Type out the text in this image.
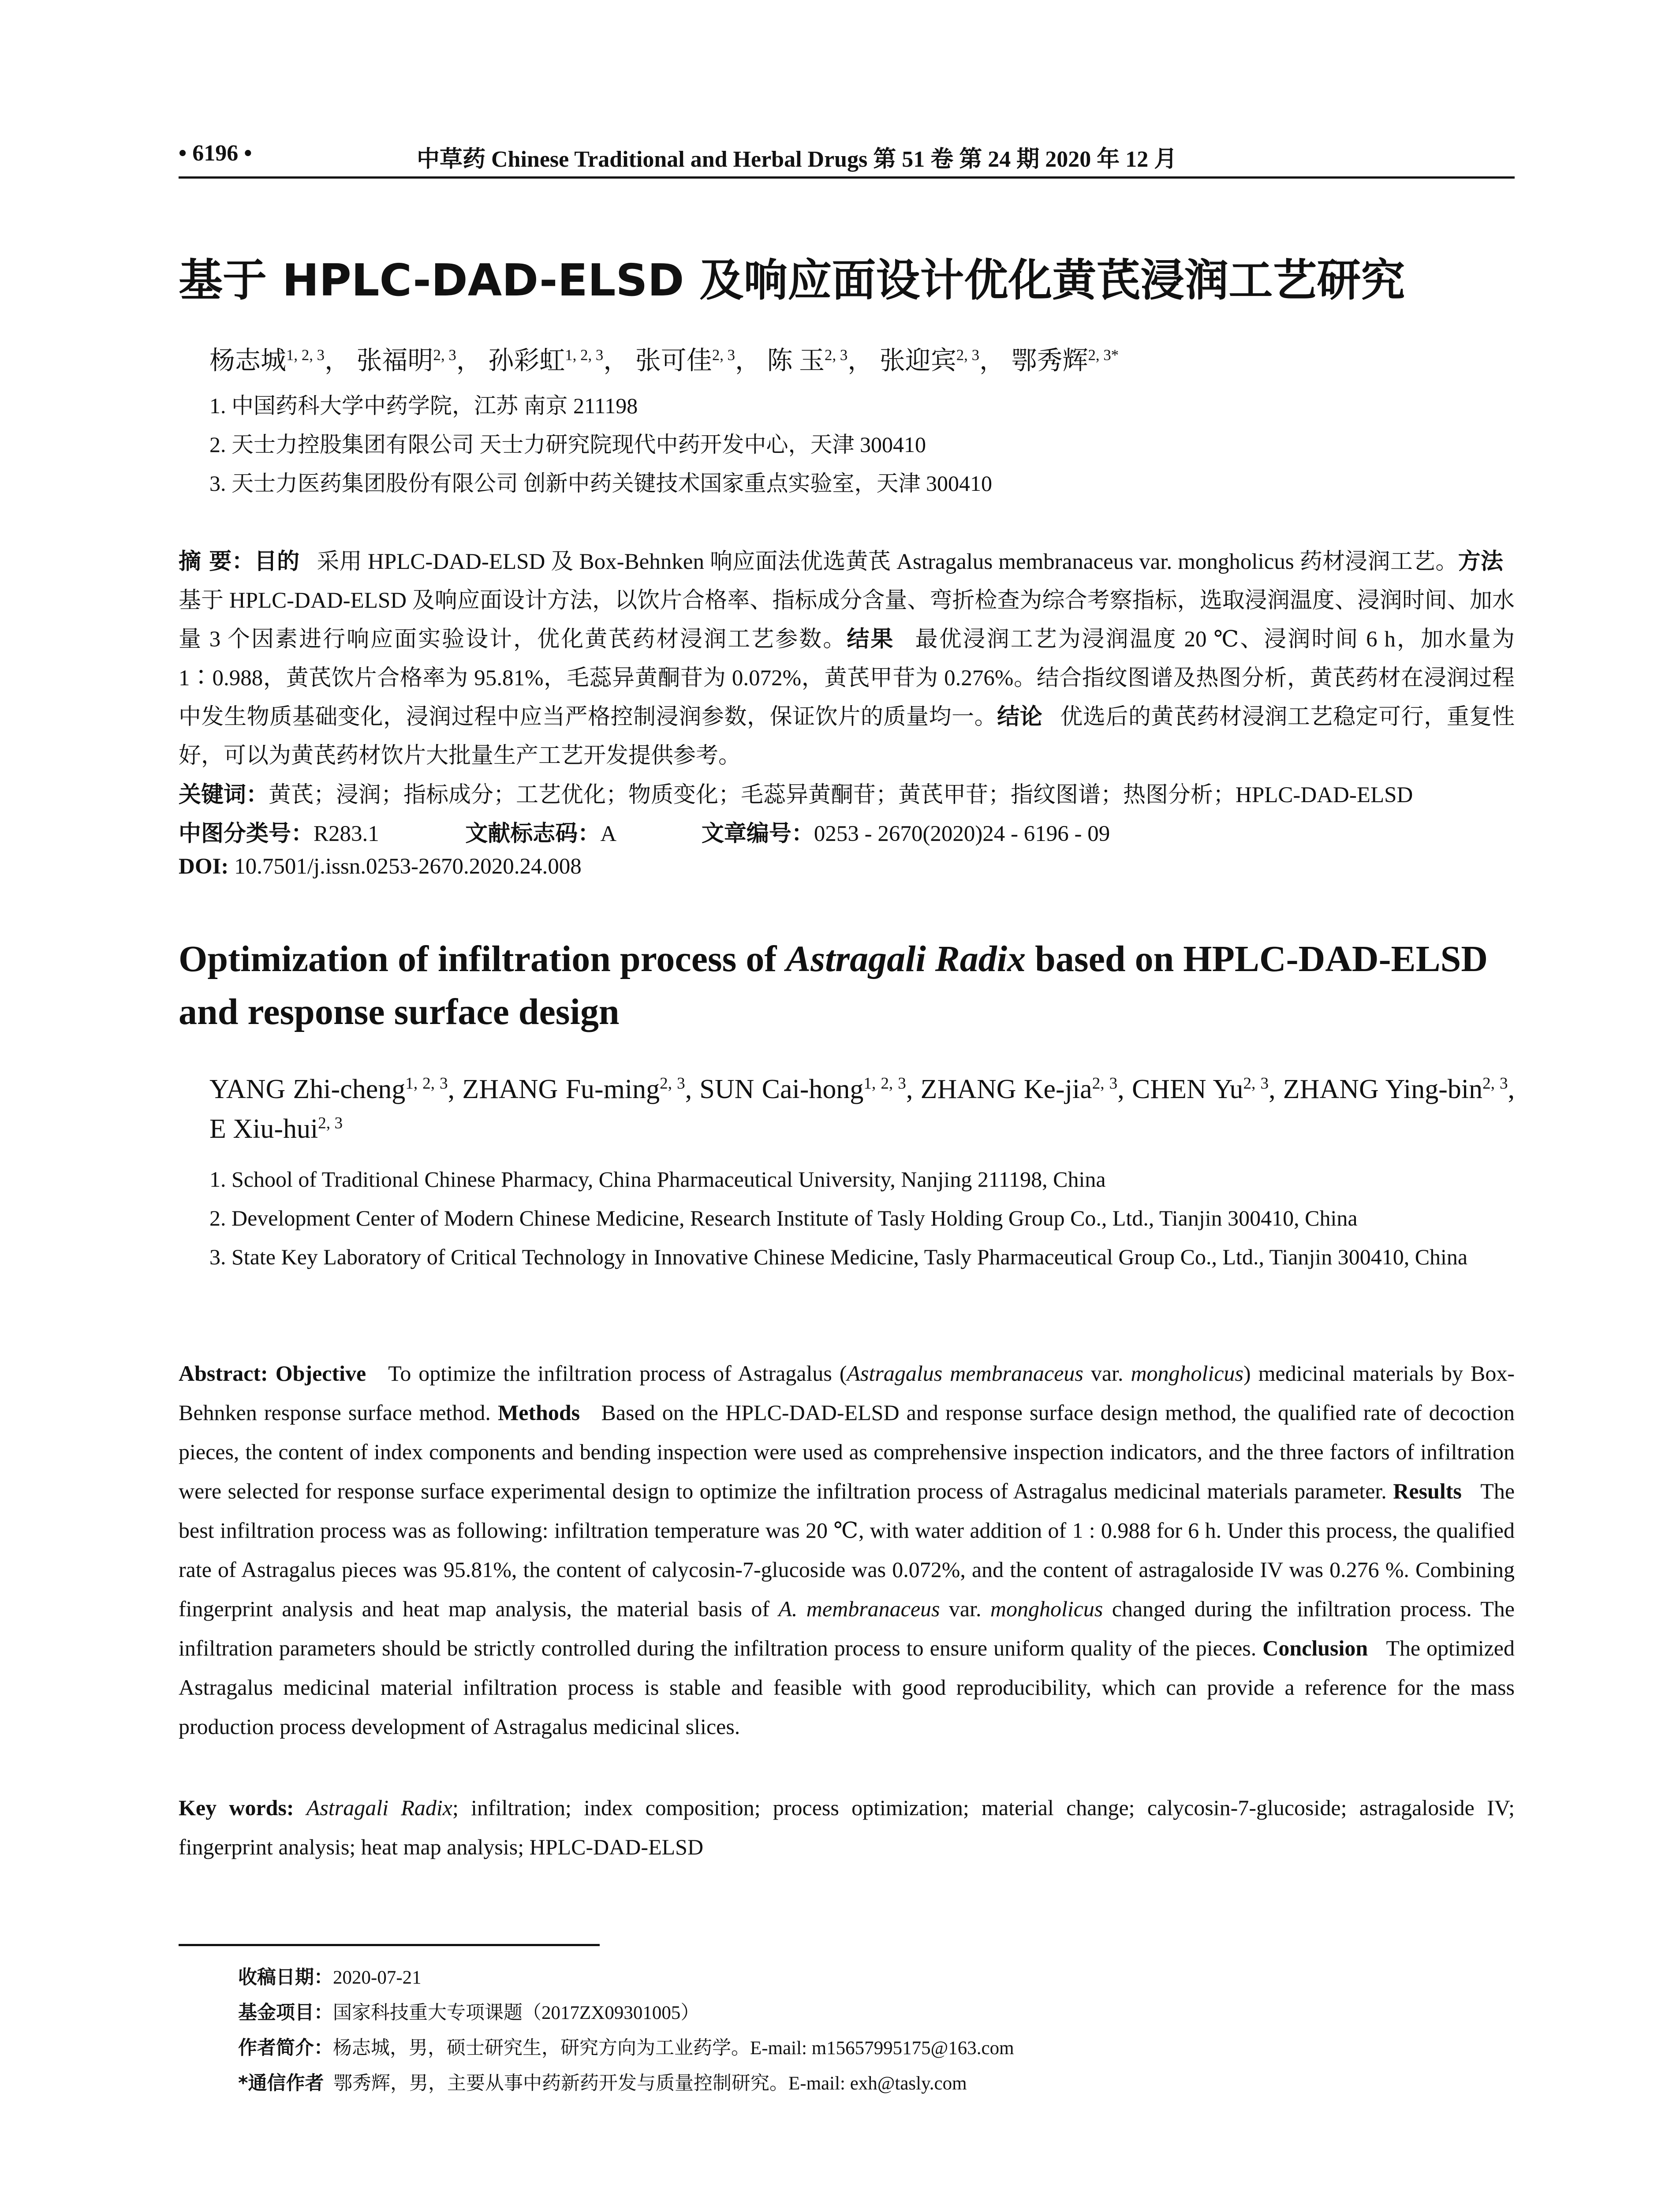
• 6196 •	中草药 Chinese Traditional and Herbal Drugs 第 51 卷 第 24 期 2020 年 12 月
基于 HPLC-DAD-ELSD 及响应面设计优化黄芪浸润工艺研究
杨志城$^{1, 2, 3}$， 张福明$^{2, 3}$， 孙彩虹$^{1, 2, 3}$， 张可佳$^{2, 3}$， 陈 玉$^{2, 3}$， 张迎宾$^{2, 3}$， 鄂秀辉$^{2, 3*}$
1. 中国药科大学中药学院，江苏 南京 211198
2. 天士力控股集团有限公司 天士力研究院现代中药开发中心，天津 300410
3. 天士力医药集团股份有限公司 创新中药关键技术国家重点实验室，天津 300410
摘 要：目的 采用 HPLC-DAD-ELSD 及 Box-Behnken 响应面法优选黄芪 Astragalus membranaceus var. mongholicus 药材浸润工艺。方法   基于 HPLC-DAD-ELSD 及响应面设计方法，以饮片合格率、指标成分含量、弯折检查为综合考察指标，选取浸润温度、浸润时间、加水量 3 个因素进行响应面实验设计，优化黄芪药材浸润工艺参数。结果 最优浸润工艺为浸润温度 20 ℃、浸润时间 6 h，加水量为 1∶0.988，黄芪饮片合格率为 95.81%，毛蕊异黄酮苷为 0.072%，黄芪甲苷为 0.276%。结合指纹图谱及热图分析，黄芪药材在浸润过程中发生物质基础变化，浸润过程中应当严格控制浸润参数，保证饮片的质量均一。结论 优选后的黄芪药材浸润工艺稳定可行，重复性好，可以为黄芪药材饮片大批量生产工艺开发提供参考。
关键词：黄芪；浸润；指标成分；工艺优化；物质变化；毛蕊异黄酮苷；黄芪甲苷；指纹图谱；热图分析；HPLC-DAD-ELSD
中图分类号：R283.1	文献标志码：A	文章编号：0253 - 2670(2020)24 - 6196 - 09
DOI: 10.7501/j.issn.0253-2670.2020.24.008
Optimization of infiltration process of Astragali Radix based on HPLC-DAD-ELSD and response surface design
YANG Zhi-cheng$^{1, 2, 3}$, ZHANG Fu-ming$^{2, 3}$, SUN Cai-hong$^{1, 2, 3}$, ZHANG Ke-jia$^{2, 3}$, CHEN Yu$^{2, 3}$, ZHANG Ying-bin$^{2, 3}$, E Xiu-hui$^{2, 3}$
1. School of Traditional Chinese Pharmacy, China Pharmaceutical University, Nanjing 211198, China
2. Development Center of Modern Chinese Medicine, Research Institute of Tasly Holding Group Co., Ltd., Tianjin 300410, China
3. State Key Laboratory of Critical Technology in Innovative Chinese Medicine, Tasly Pharmaceutical Group Co., Ltd., Tianjin 300410, China
Abstract: Objective To optimize the infiltration process of Astragalus (Astragalus membranaceus var. mongholicus) medicinal materials by Box-Behnken response surface method. Methods Based on the HPLC-DAD-ELSD and response surface design method, the qualified rate of decoction pieces, the content of index components and bending inspection were used as comprehensive inspection indicators, and the three factors of infiltration were selected for response surface experimental design to optimize the infiltration process of Astragalus medicinal materials parameter. Results The best infiltration process was as following: infiltration temperature was 20 ℃, with water addition of 1 : 0.988 for 6 h. Under this process, the qualified rate of Astragalus pieces was 95.81%, the content of calycosin-7-glucoside was 0.072%, and the content of astragaloside IV was 0.276 %. Combining fingerprint analysis and heat map analysis, the material basis of A. membranaceus var. mongholicus changed during the infiltration process. The infiltration parameters should be strictly controlled during the infiltration process to ensure uniform quality of the pieces. Conclusion The optimized Astragalus medicinal material infiltration process is stable and feasible with good reproducibility, which can provide a reference for the mass production process development of Astragalus medicinal slices.
Key words: Astragali Radix; infiltration; index composition; process optimization; material change; calycosin-7-glucoside; astragaloside IV; fingerprint analysis; heat map analysis; HPLC-DAD-ELSD
收稿日期：2020-07-21
基金项目：国家科技重大专项课题（2017ZX09301005）
作者简介：杨志城，男，硕士研究生，研究方向为工业药学。E-mail: m15657995175@163.com
*通信作者 鄂秀辉，男，主要从事中药新药开发与质量控制研究。E-mail: exh@tasly.com
